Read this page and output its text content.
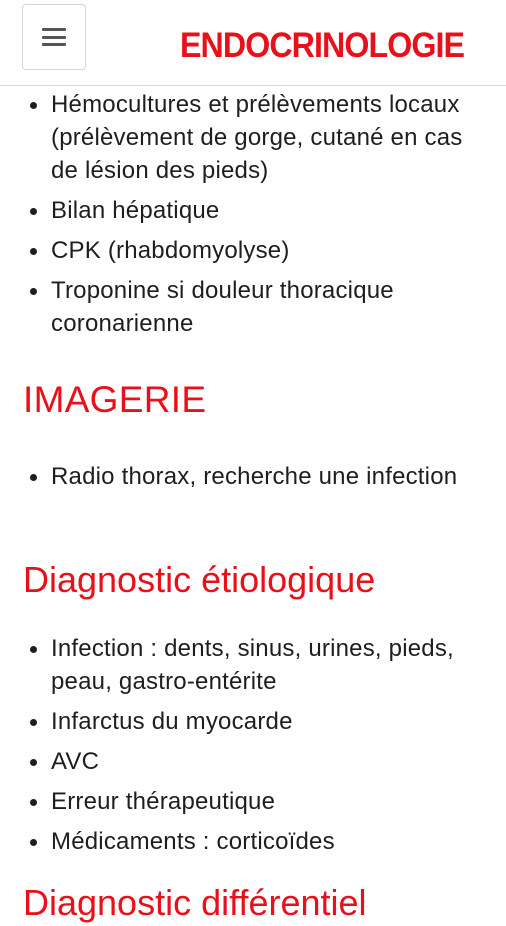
ENDOCRINOLOGIE
Hémocultures et prélèvements locaux (prélèvement de gorge, cutané en cas de lésion des pieds)
Bilan hépatique
CPK (rhabdomyolyse)
Troponine si douleur thoracique coronarienne
IMAGERIE
Radio thorax, recherche une infection
Diagnostic étiologique
Infection : dents, sinus, urines, pieds, peau, gastro-entérite
Infarctus du myocarde
AVC
Erreur thérapeutique
Médicaments : corticoïdes
Diagnostic différentiel
